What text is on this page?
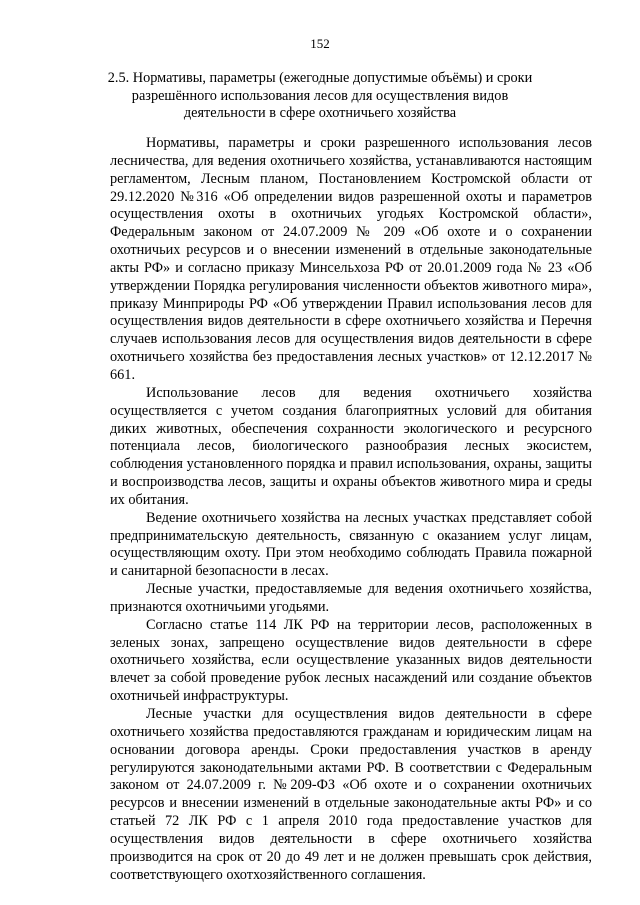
152
2.5. Нормативы, параметры (ежегодные допустимые объёмы) и сроки разрешённого использования лесов для осуществления видов деятельности в сфере охотничьего хозяйства

Нормативы, параметры и сроки разрешенного использования лесов лесничества, для ведения охотничьего хозяйства, устанавливаются настоящим регламентом, Лесным планом, Постановлением Костромской области от 29.12.2020 №316 «Об определении видов разрешенной охоты и параметров осуществления охоты в охотничьих угодьях Костромской области», Федеральным законом от 24.07.2009 № 209 «Об охоте и о сохранении охотничьих ресурсов и о внесении изменений в отдельные законодательные акты РФ» и согласно приказу Минсельхоза РФ от 20.01.2009 года № 23 «Об утверждении Порядка регулирования численности объектов животного мира», приказу Минприроды РФ «Об утверждении Правил использования лесов для осуществления видов деятельности в сфере охотничьего хозяйства и Перечня случаев использования лесов для осуществления видов деятельности в сфере охотничьего хозяйства без предоставления лесных участков» от 12.12.2017 № 661.

Использование лесов для ведения охотничьего хозяйства осуществляется с учетом создания благоприятных условий для обитания диких животных, обеспечения сохранности экологического и ресурсного потенциала лесов, биологического разнообразия лесных экосистем, соблюдения установленного порядка и правил использования, охраны, защиты и воспроизводства лесов, защиты и охраны объектов животного мира и среды их обитания.

Ведение охотничьего хозяйства на лесных участках представляет собой предпринимательскую деятельность, связанную с оказанием услуг лицам, осуществляющим охоту. При этом необходимо соблюдать Правила пожарной и санитарной безопасности в лесах.

Лесные участки, предоставляемые для ведения охотничьего хозяйства, признаются охотничьими угодьями.

Согласно статье 114 ЛК РФ на территории лесов, расположенных в зеленых зонах, запрещено осуществление видов деятельности в сфере охотничьего хозяйства, если осуществление указанных видов деятельности влечет за собой проведение рубок лесных насаждений или создание объектов охотничьей инфраструктуры.

Лесные участки для осуществления видов деятельности в сфере охотничьего хозяйства предоставляются гражданам и юридическим лицам на основании договора аренды. Сроки предоставления участков в аренду регулируются законодательными актами РФ. В соответствии с Федеральным законом от 24.07.2009 г. №209-ФЗ «Об охоте и о сохранении охотничьих ресурсов и внесении изменений в отдельные законодательные акты РФ» и со статьей 72 ЛК РФ с 1 апреля 2010 года предоставление участков для осуществления видов деятельности в сфере охотничьего хозяйства производится на срок от 20 до 49 лет и не должен превышать срок действия, соответствующего охотхозяйственного соглашения.
